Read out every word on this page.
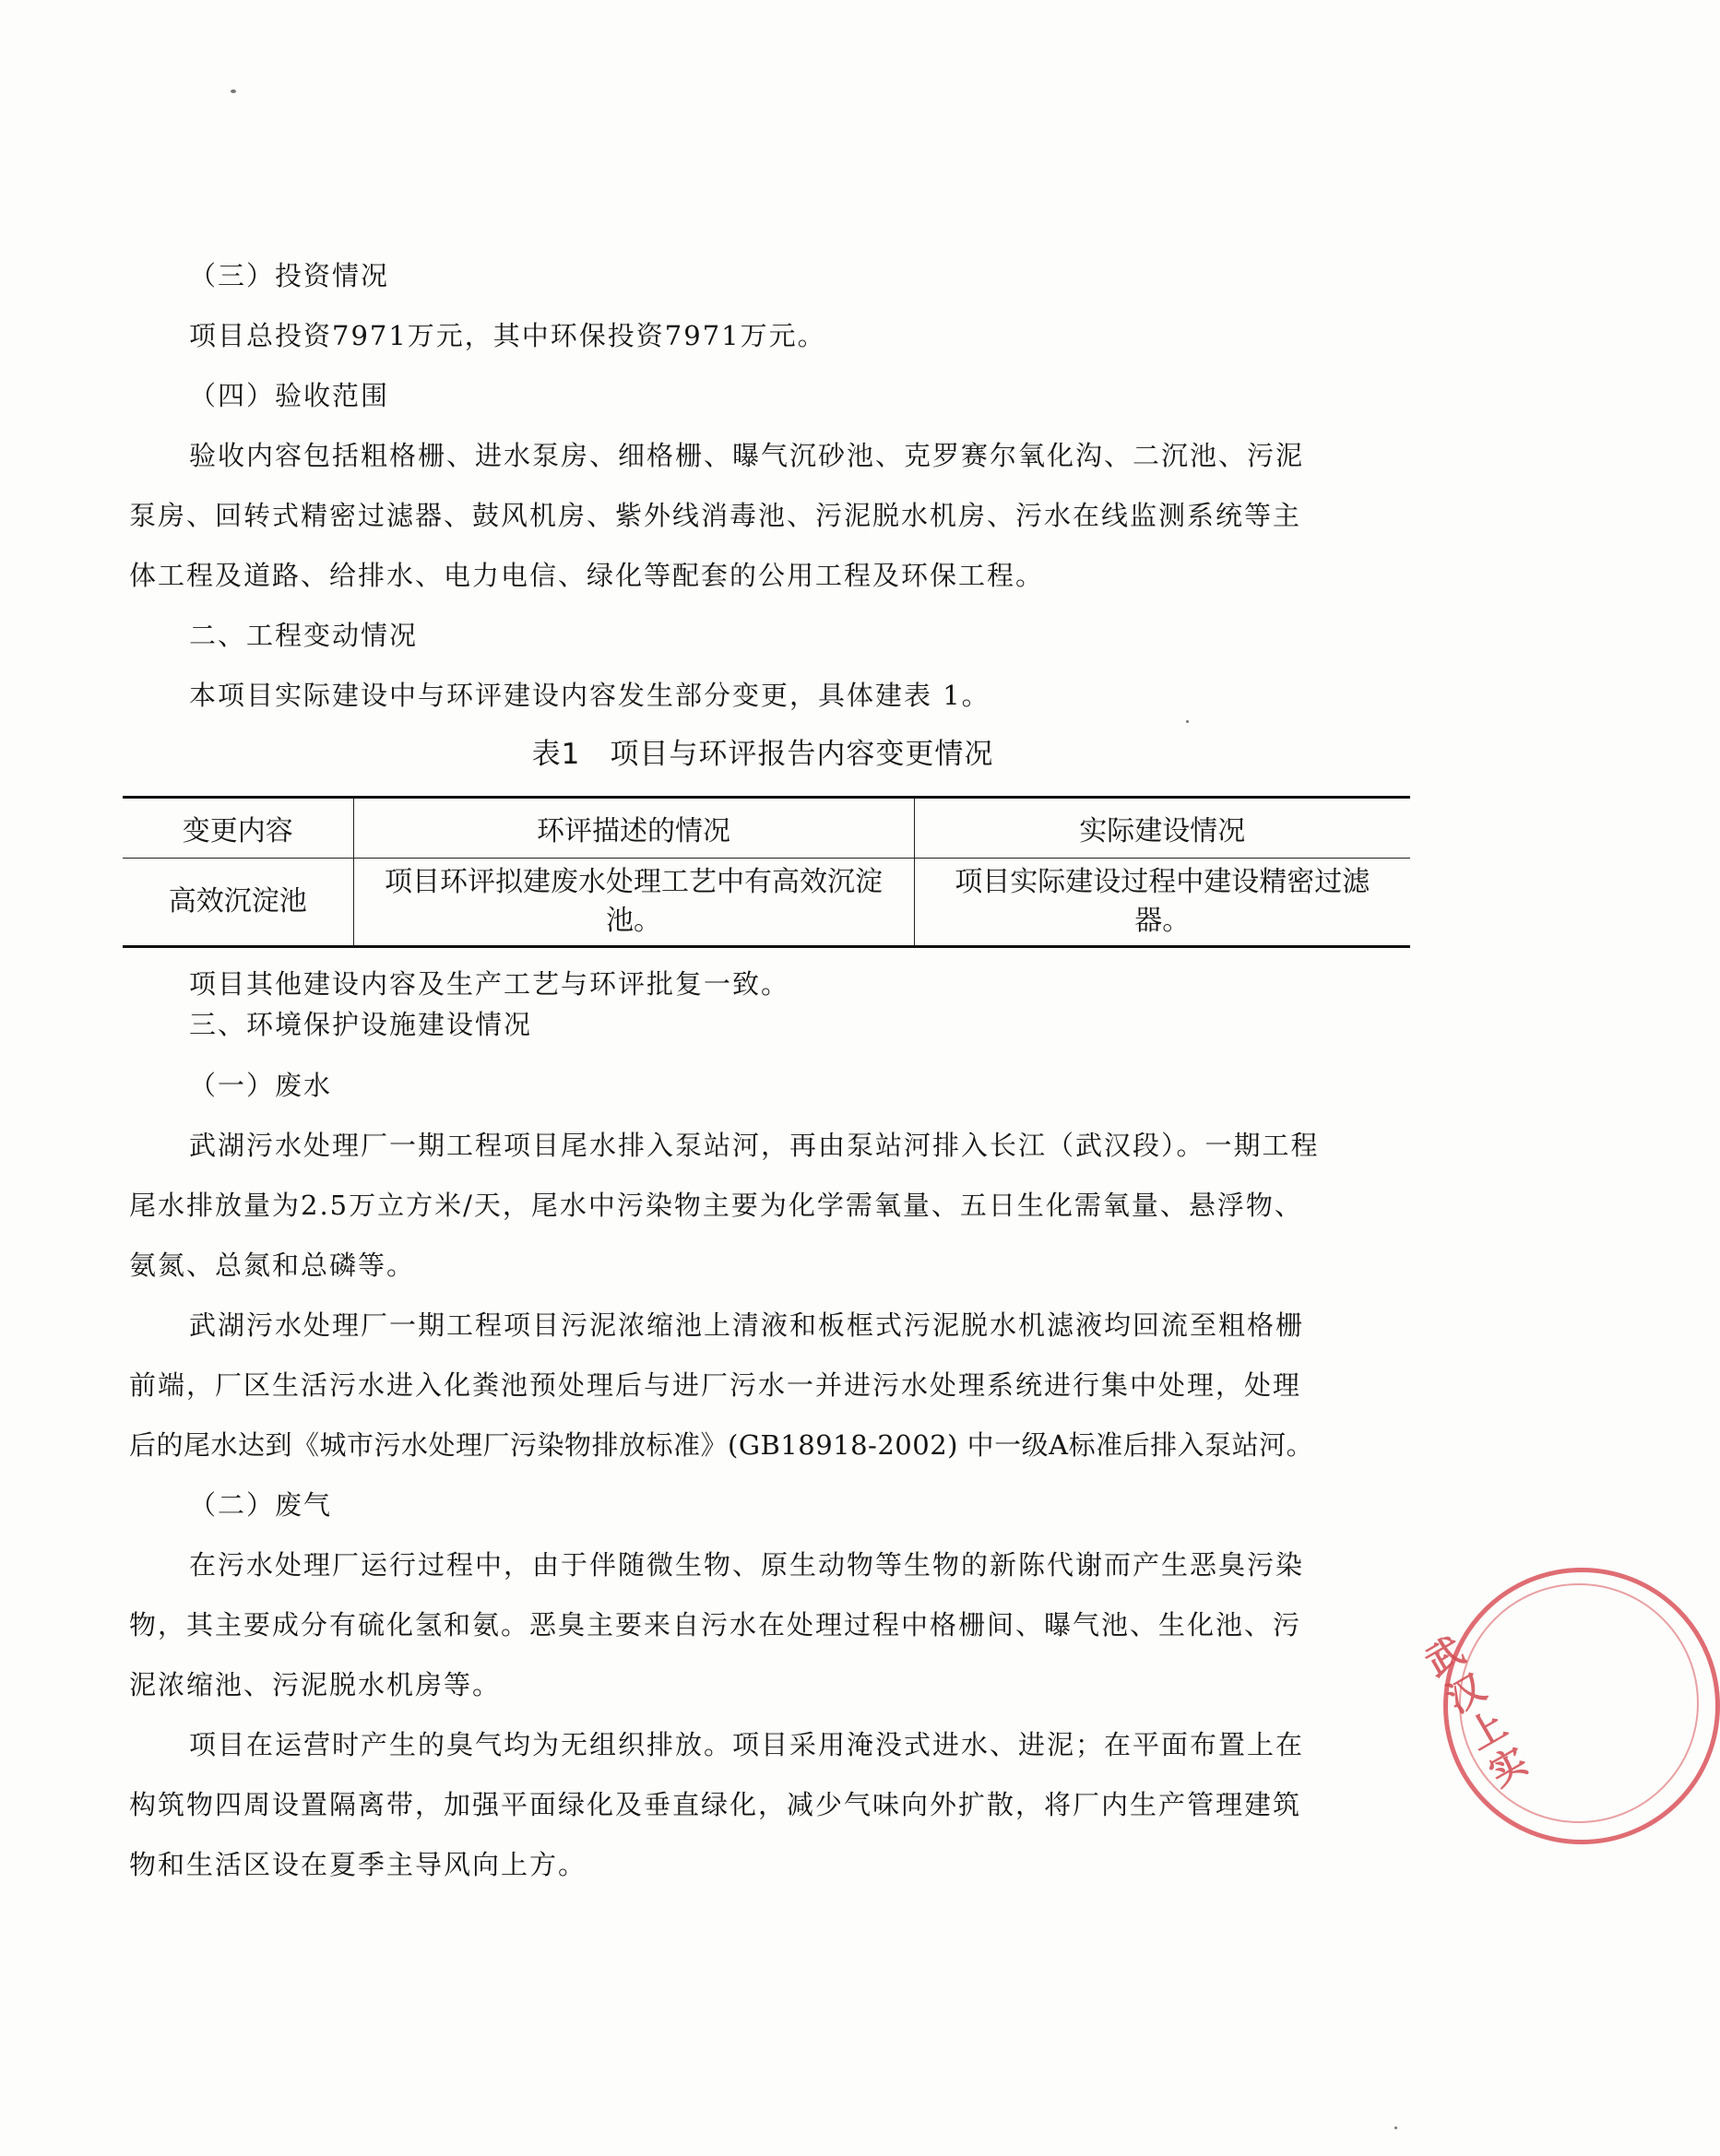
（三）投资情况

项目总投资7971万元，其中环保投资7971万元。

（四）验收范围

验收内容包括粗格栅、进水泵房、细格栅、曝气沉砂池、克罗赛尔氧化沟、二沉池、污泥

泵房、回转式精密过滤器、鼓风机房、紫外线消毒池、污泥脱水机房、污水在线监测系统等主

体工程及道路、给排水、电力电信、绿化等配套的公用工程及环保工程。

二、工程变动情况

本项目实际建设中与环评建设内容发生部分变更，具体建表 1。

表1　项目与环评报告内容变更情况
变更内容	环评描述的情况	实际建设情况
高效沉淀池	项目环评拟建废水处理工艺中有高效沉淀池。	项目实际建设过程中建设精密过滤器。

项目其他建设内容及生产工艺与环评批复一致。

三、环境保护设施建设情况

（一）废水

武湖污水处理厂一期工程项目尾水排入泵站河，再由泵站河排入长江（武汉段）。一期工程

尾水排放量为2.5万立方米/天，尾水中污染物主要为化学需氧量、五日生化需氧量、悬浮物、

氨氮、总氮和总磷等。

武湖污水处理厂一期工程项目污泥浓缩池上清液和板框式污泥脱水机滤液均回流至粗格栅

前端，厂区生活污水进入化粪池预处理后与进厂污水一并进污水处理系统进行集中处理，处理

后的尾水达到《城市污水处理厂污染物排放标准》(GB18918-2002) 中一级A标准后排入泵站河。

（二）废气

在污水处理厂运行过程中，由于伴随微生物、原生动物等生物的新陈代谢而产生恶臭污染

物，其主要成分有硫化氢和氨。恶臭主要来自污水在处理过程中格栅间、曝气池、生化池、污

泥浓缩池、污泥脱水机房等。

项目在运营时产生的臭气均为无组织排放。项目采用淹没式进水、进泥；在平面布置上在

构筑物四周设置隔离带，加强平面绿化及垂直绿化，减少气味向外扩散，将厂内生产管理建筑

物和生活区设在夏季主导风向上方。

武汉上实
